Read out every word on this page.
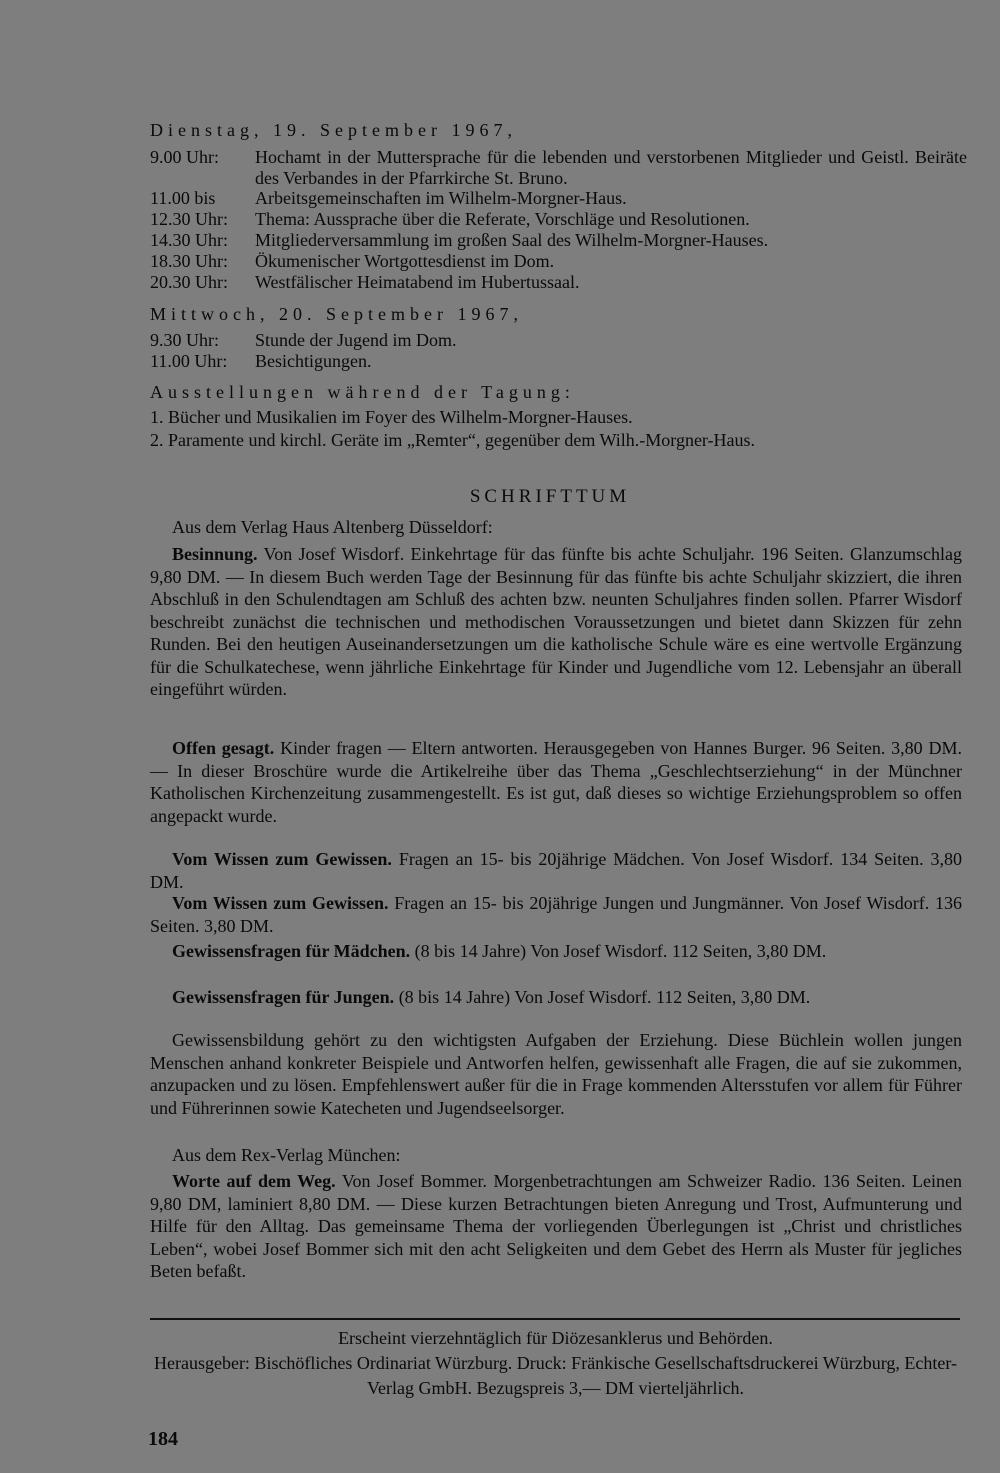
Dienstag, 19. September 1967,
9.00 Uhr:	Hochamt in der Muttersprache für die lebenden und verstorbenen Mitglieder und Geistl. Beiräte des Verbandes in der Pfarrkirche St. Bruno.
11.00 bis	Arbeitsgemeinschaften im Wilhelm-Morgner-Haus.
12.30 Uhr:	Thema: Aussprache über die Referate, Vorschläge und Resolutionen.
14.30 Uhr:	Mitgliederversammlung im großen Saal des Wilhelm-Morgner-Hauses.
18.30 Uhr:	Ökumenischer Wortgottesdienst im Dom.
20.30 Uhr:	Westfälischer Heimatabend im Hubertussaal.
Mittwoch, 20. September 1967,
9.30 Uhr:	Stunde der Jugend im Dom.
11.00 Uhr:	Besichtigungen.
Ausstellungen während der Tagung:
1. Bücher und Musikalien im Foyer des Wilhelm-Morgner-Hauses.
2. Paramente und kirchl. Geräte im „Remter“, gegenüber dem Wilh.-Morgner-Haus.
SCHRIFTTUM
Aus dem Verlag Haus Altenberg Düsseldorf:

Besinnung. Von Josef Wisdorf. Einkehrtage für das fünfte bis achte Schuljahr. 196 Seiten. Glanzumschlag 9,80 DM. — In diesem Buch werden Tage der Besinnung für das fünfte bis achte Schuljahr skizziert, die ihren Abschluß in den Schulendtagen am Schluß des achten bzw. neunten Schuljahres finden sollen. Pfarrer Wisdorf beschreibt zunächst die technischen und methodischen Voraussetzungen und bietet dann Skizzen für zehn Runden. Bei den heutigen Auseinandersetzungen um die katholische Schule wäre es eine wertvolle Ergänzung für die Schulkatechese, wenn jährliche Einkehrtage für Kinder und Jugendliche vom 12. Lebensjahr an überall eingeführt würden.

Offen gesagt. Kinder fragen — Eltern antworten. Herausgegeben von Hannes Burger. 96 Seiten. 3,80 DM. — In dieser Broschüre wurde die Artikelreihe über das Thema „Geschlechtserziehung“ in der Münchner Katholischen Kirchenzeitung zusammengestellt. Es ist gut, daß dieses so wichtige Erziehungsproblem so offen angepackt wurde.

Vom Wissen zum Gewissen. Fragen an 15- bis 20jährige Mädchen. Von Josef Wisdorf. 134 Seiten. 3,80 DM.

Vom Wissen zum Gewissen. Fragen an 15- bis 20jährige Jungen und Jungmänner. Von Josef Wisdorf. 136 Seiten. 3,80 DM.

Gewissensfragen für Mädchen. (8 bis 14 Jahre) Von Josef Wisdorf. 112 Seiten, 3,80 DM.

Gewissensfragen für Jungen. (8 bis 14 Jahre) Von Josef Wisdorf. 112 Seiten, 3,80 DM.

Gewissensbildung gehört zu den wichtigsten Aufgaben der Erziehung. Diese Büchlein wollen jungen Menschen anhand konkreter Beispiele und Antworfen helfen, gewissenhaft alle Fragen, die auf sie zukommen, anzupacken und zu lösen. Empfehlenswert außer für die in Frage kommenden Altersstufen vor allem für Führer und Führerinnen sowie Katecheten und Jugendseelsorger.

Aus dem Rex-Verlag München:

Worte auf dem Weg. Von Josef Bommer. Morgenbetrachtungen am Schweizer Radio. 136 Seiten. Leinen 9,80 DM, laminiert 8,80 DM. — Diese kurzen Betrachtungen bieten Anregung und Trost, Aufmunterung und Hilfe für den Alltag. Das gemeinsame Thema der vorliegenden Überlegungen ist „Christ und christliches Leben“, wobei Josef Bommer sich mit den acht Seligkeiten und dem Gebet des Herrn als Muster für jegliches Beten befaßt.

Erscheint vierzehntäglich für Diözesanklerus und Behörden.
Herausgeber: Bischöfliches Ordinariat Würzburg. Druck: Fränkische Gesellschaftsdruckerei Würzburg, Echter-Verlag GmbH. Bezugspreis 3,— DM vierteljährlich.
184
